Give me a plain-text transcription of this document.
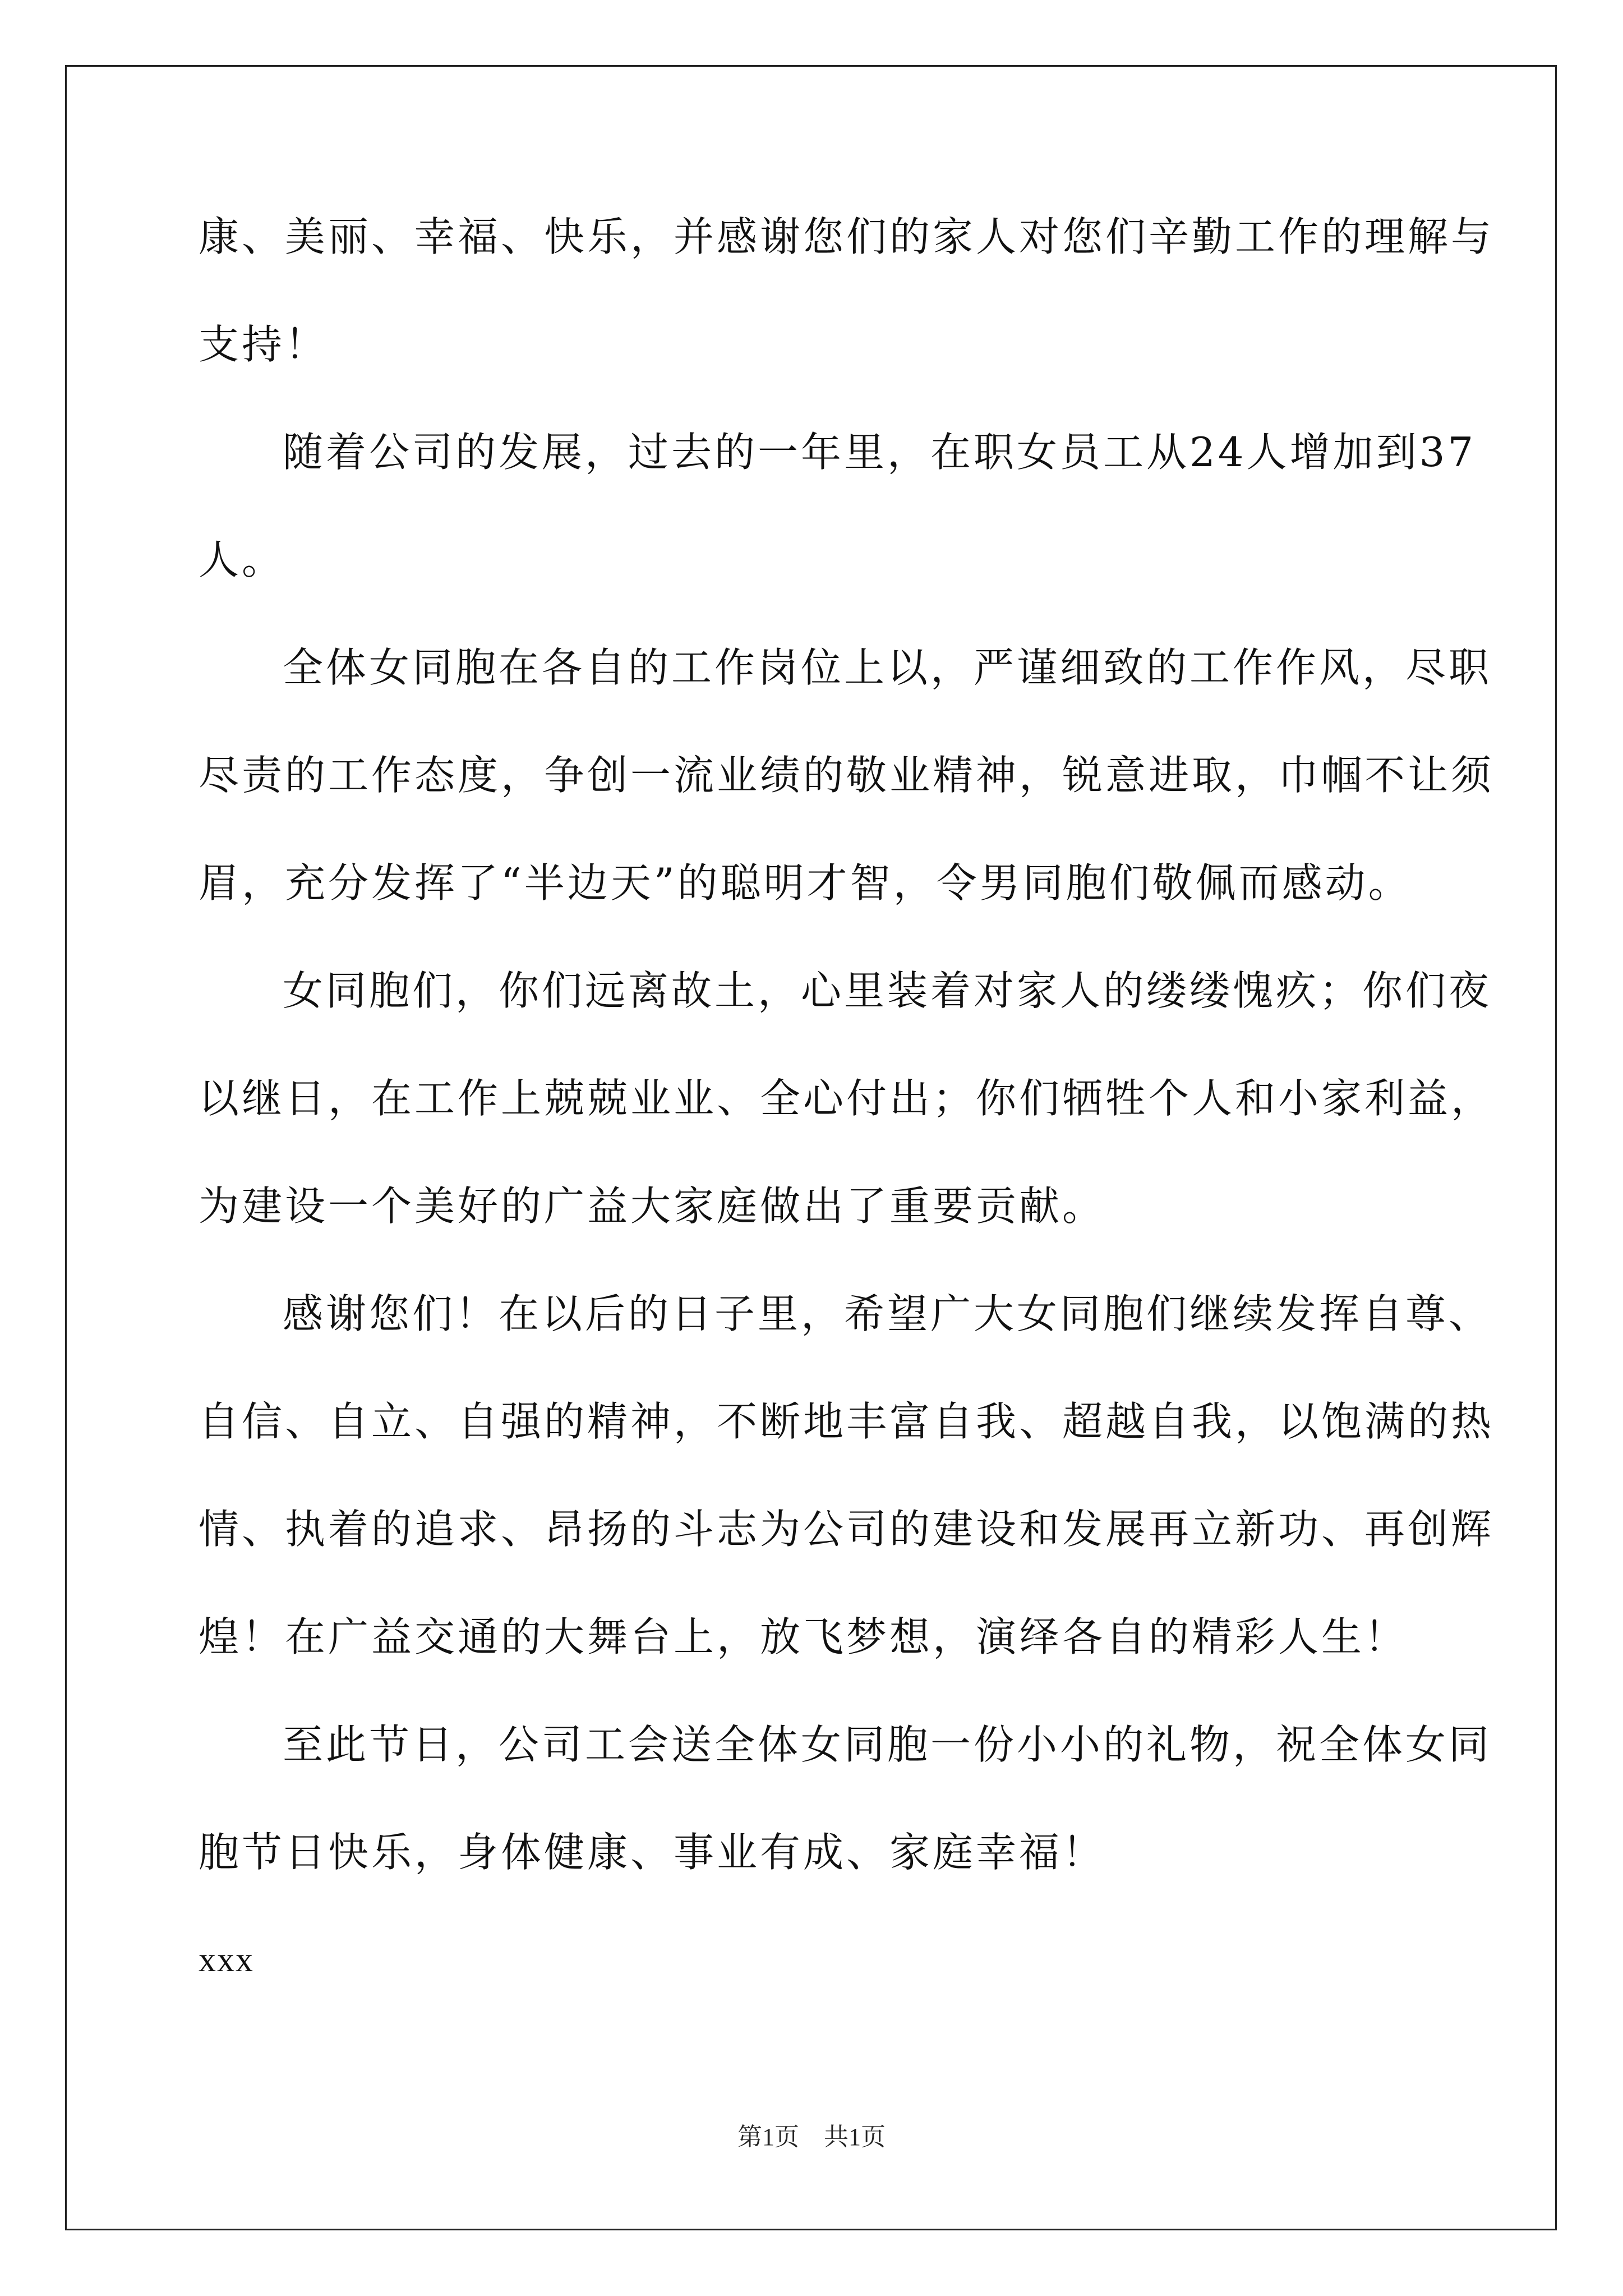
康、美丽、幸福、快乐，并感谢您们的家人对您们辛勤工作的理解与
支持！
随着公司的发展，过去的一年里，在职女员工从24人增加到37
人。
全体女同胞在各自的工作岗位上以，严谨细致的工作作风，尽职
尽责的工作态度，争创一流业绩的敬业精神，锐意进取，巾帼不让须
眉，充分发挥了“半边天”的聪明才智，令男同胞们敬佩而感动。
女同胞们，你们远离故土，心里装着对家人的缕缕愧疚；你们夜
以继日，在工作上兢兢业业、全心付出；你们牺牲个人和小家利益，
为建设一个美好的广益大家庭做出了重要贡献。
感谢您们！在以后的日子里，希望广大女同胞们继续发挥自尊、
自信、自立、自强的精神，不断地丰富自我、超越自我，以饱满的热
情、执着的追求、昂扬的斗志为公司的建设和发展再立新功、再创辉
煌！在广益交通的大舞台上，放飞梦想，演绎各自的精彩人生！
至此节日，公司工会送全体女同胞一份小小的礼物，祝全体女同
胞节日快乐，身体健康、事业有成、家庭幸福！
xxx
第1页　共1页
